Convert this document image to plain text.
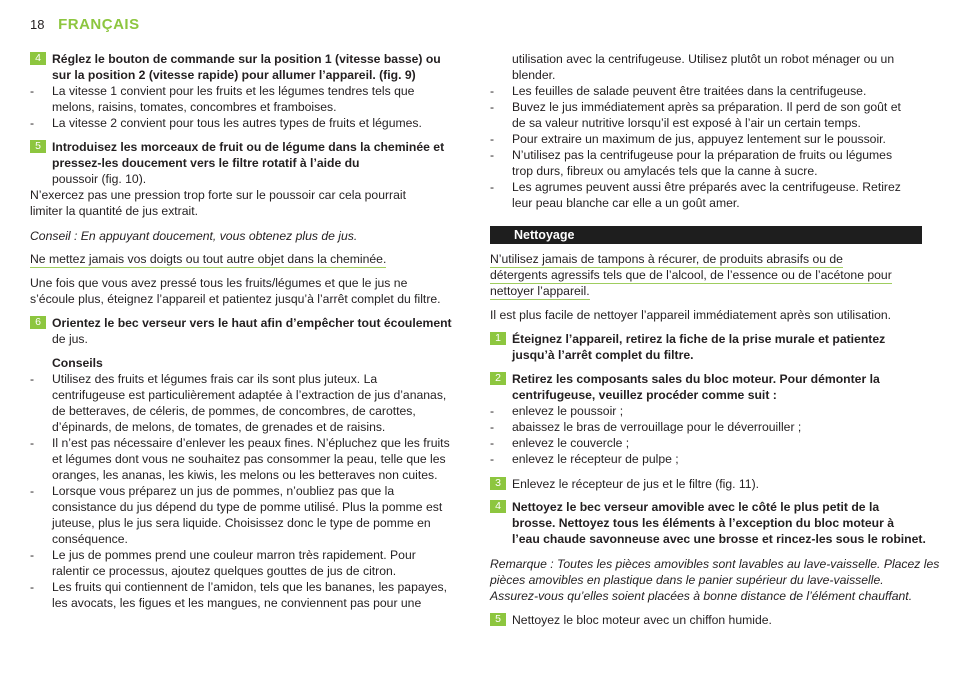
18 FRANÇAIS
4 Réglez le bouton de commande sur la position 1 (vitesse basse) ou
sur la position 2 (vitesse rapide) pour allumer l’appareil. (fig. 9)
- La vitesse 1 convient pour les fruits et les légumes tendres tels que
melons, raisins, tomates, concombres et framboises.
- La vitesse 2 convient pour tous les autres types de fruits et légumes.
5 Introduisez les morceaux de fruit ou de légume dans la cheminée et
pressez-les doucement vers le filtre rotatif à l’aide du
poussoir (fig. 10).
N’exercez pas une pression trop forte sur le poussoir car cela pourrait
limiter la quantité de jus extrait.
Conseil : En appuyant doucement, vous obtenez plus de jus.
Ne mettez jamais vos doigts ou tout autre objet dans la cheminée.
Une fois que vous avez pressé tous les fruits/légumes et que le jus ne
s’écoule plus, éteignez l’appareil et patientez jusqu’à l’arrêt complet du filtre.
6 Orientez le bec verseur vers le haut afin d’empêcher tout écoulement
de jus.
Conseils
- Utilisez des fruits et légumes frais car ils sont plus juteux. La
centrifugeuse est particulièrement adaptée à l’extraction de jus d’ananas,
de betteraves, de céleris, de pommes, de concombres, de carottes,
d’épinards, de melons, de tomates, de grenades et de raisins.
- Il n’est pas nécessaire d’enlever les peaux fines. N’épluchez que les fruits
et légumes dont vous ne souhaitez pas consommer la peau, telle que les
oranges, les ananas, les kiwis, les melons ou les betteraves non cuites.
- Lorsque vous préparez un jus de pommes, n’oubliez pas que la
consistance du jus dépend du type de pomme utilisé. Plus la pomme est
juteuse, plus le jus sera liquide. Choisissez donc le type de pomme en
conséquence.
- Le jus de pommes prend une couleur marron très rapidement. Pour
ralentir ce processus, ajoutez quelques gouttes de jus de citron.
- Les fruits qui contiennent de l’amidon, tels que les bananes, les papayes,
les avocats, les figues et les mangues, ne conviennent pas pour une
utilisation avec la centrifugeuse. Utilisez plutôt un robot ménager ou un
blender.
- Les feuilles de salade peuvent être traitées dans la centrifugeuse.
- Buvez le jus immédiatement après sa préparation. Il perd de son goût et
de sa valeur nutritive lorsqu’il est exposé à l’air un certain temps.
- Pour extraire un maximum de jus, appuyez lentement sur le poussoir.
- N’utilisez pas la centrifugeuse pour la préparation de fruits ou légumes
trop durs, fibreux ou amylacés tels que la canne à sucre.
- Les agrumes peuvent aussi être préparés avec la centrifugeuse. Retirez
leur peau blanche car elle a un goût amer.
Nettoyage
N’utilisez jamais de tampons à récurer, de produits abrasifs ou de
détergents agressifs tels que de l’alcool, de l’essence ou de l’acétone pour
nettoyer l’appareil.
Il est plus facile de nettoyer l’appareil immédiatement après son utilisation.
1 Éteignez l’appareil, retirez la fiche de la prise murale et patientez
jusqu’à l’arrêt complet du filtre.
2 Retirez les composants sales du bloc moteur. Pour démonter la
centrifugeuse, veuillez procéder comme suit :
- enlevez le poussoir ;
- abaissez le bras de verrouillage pour le déverrouiller ;
- enlevez le couvercle ;
- enlevez le récepteur de pulpe ;
3 Enlevez le récepteur de jus et le filtre (fig. 11).
4 Nettoyez le bec verseur amovible avec le côté le plus petit de la
brosse. Nettoyez tous les éléments à l’exception du bloc moteur à
l’eau chaude savonneuse avec une brosse et rincez-les sous le robinet.
Remarque : Toutes les pièces amovibles sont lavables au lave-vaisselle. Placez les
pièces amovibles en plastique dans le panier supérieur du lave-vaisselle.
Assurez-vous qu’elles soient placées à bonne distance de l’élément chauffant.
5 Nettoyez le bloc moteur avec un chiffon humide.
